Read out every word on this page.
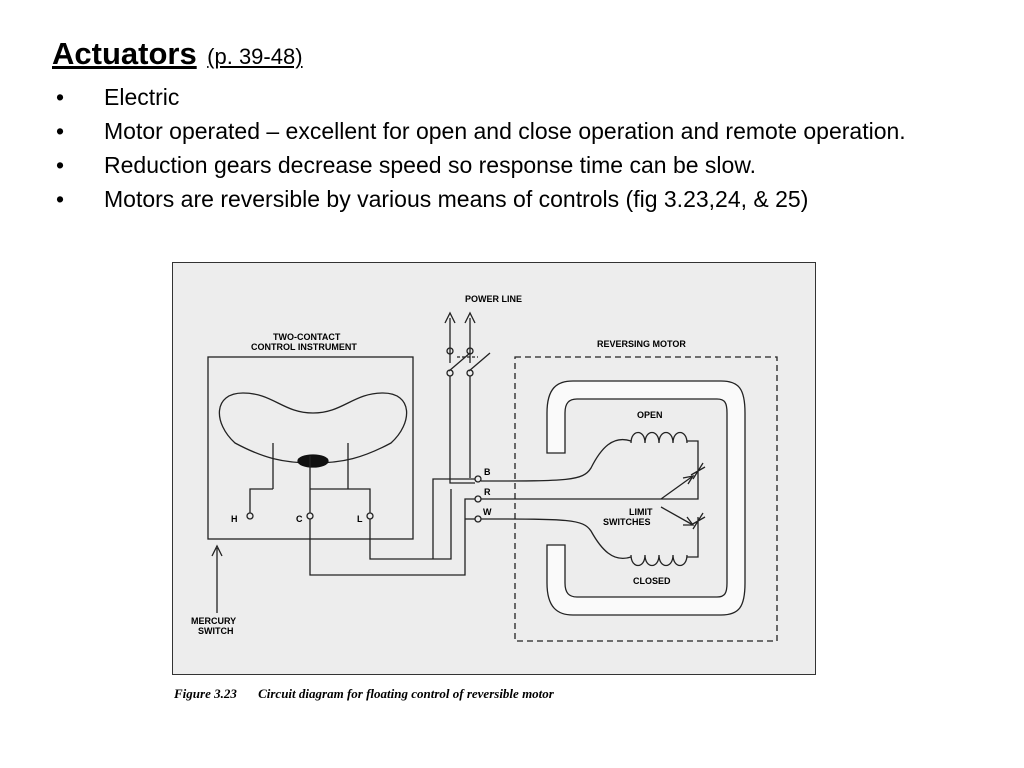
Actuators (p. 39-48)
• Electric
• Motor operated – excellent for open and close operation and remote operation.
• Reduction gears decrease speed so response time can be slow.
• Motors are reversible by various means of controls (fig 3.23,24, & 25)
POWER LINE
TWO-CONTACT
CONTROL INSTRUMENT	REVERSING MOTOR
OPEN
CLOSED
LIMIT
SWITCHES
B
R
W
H	C	L
MERCURY
SWITCH
Figure 3.23 Circuit diagram for floating control of reversible motor
